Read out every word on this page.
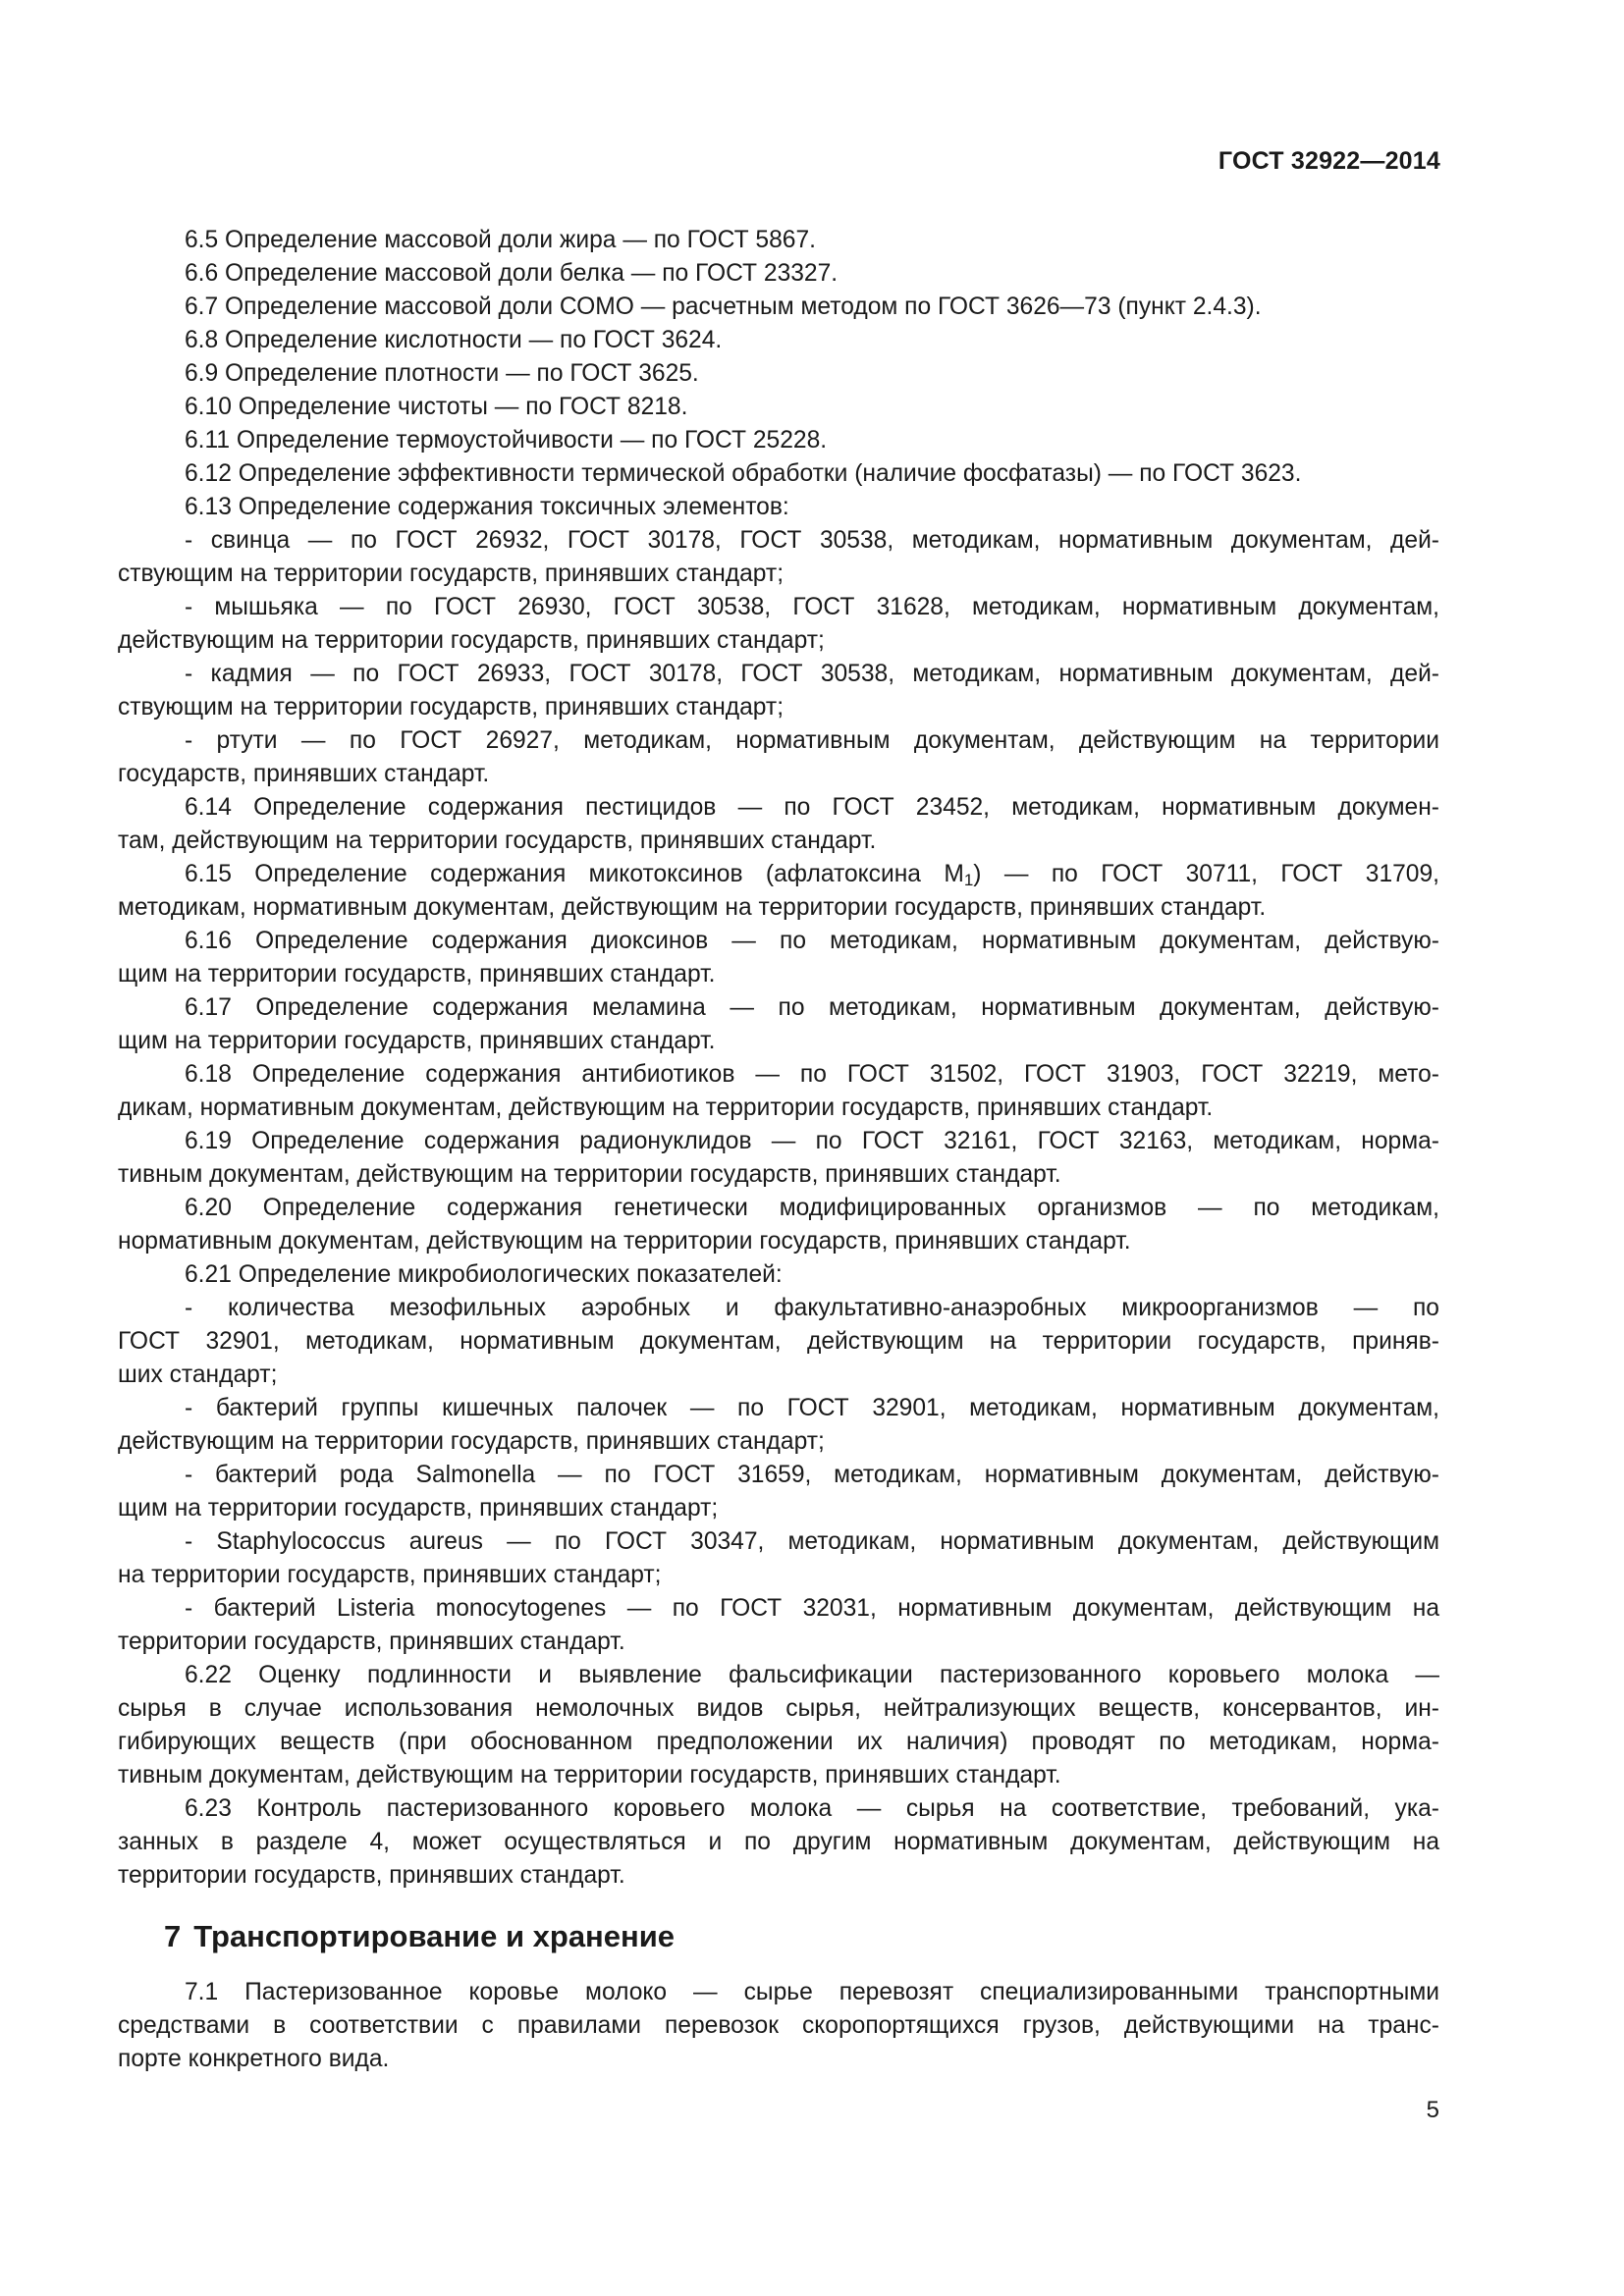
ГОСТ 32922—2014
6.5 Определение массовой доли жира — по ГОСТ 5867.
6.6 Определение массовой доли белка — по ГОСТ 23327.
6.7 Определение массовой доли СОМО — расчетным методом по ГОСТ 3626—73 (пункт 2.4.3).
6.8 Определение кислотности — по ГОСТ 3624.
6.9 Определение плотности — по ГОСТ 3625.
6.10 Определение чистоты — по ГОСТ 8218.
6.11 Определение термоустойчивости — по ГОСТ 25228.
6.12 Определение эффективности термической обработки (наличие фосфатазы) — по ГОСТ 3623.
6.13 Определение содержания токсичных элементов:
- свинца — по ГОСТ 26932, ГОСТ 30178, ГОСТ 30538, методикам, нормативным документам, дей-
ствующим на территории государств, принявших стандарт;
- мышьяка — по ГОСТ 26930, ГОСТ 30538, ГОСТ 31628, методикам, нормативным документам,
действующим на территории государств, принявших стандарт;
- кадмия — по ГОСТ 26933, ГОСТ 30178, ГОСТ 30538, методикам, нормативным документам, дей-
ствующим на территории государств, принявших стандарт;
- ртути — по ГОСТ 26927, методикам, нормативным документам, действующим на территории
государств, принявших стандарт.
6.14 Определение содержания пестицидов — по ГОСТ 23452, методикам, нормативным докумен-
там, действующим на территории государств, принявших стандарт.
6.15 Определение содержания микотоксинов (афлатоксина $М_1$) — по ГОСТ 30711, ГОСТ 31709,
методикам, нормативным документам, действующим на территории государств, принявших стандарт.
6.16 Определение содержания диоксинов — по методикам, нормативным документам, действую-
щим на территории государств, принявших стандарт.
6.17 Определение содержания меламина — по методикам, нормативным документам, действую-
щим на территории государств, принявших стандарт.
6.18 Определение содержания антибиотиков — по ГОСТ 31502, ГОСТ 31903, ГОСТ 32219, мето-
дикам, нормативным документам, действующим на территории государств, принявших стандарт.
6.19 Определение содержания радионуклидов — по ГОСТ 32161, ГОСТ 32163, методикам, норма-
тивным документам, действующим на территории государств, принявших стандарт.
6.20 Определение содержания генетически модифицированных организмов — по методикам,
нормативным документам, действующим на территории государств, принявших стандарт.
6.21 Определение микробиологических показателей:
- количества мезофильных аэробных и факультативно-анаэробных микроорганизмов — по
ГОСТ 32901, методикам, нормативным документам, действующим на территории государств, приняв-
ших стандарт;
- бактерий группы кишечных палочек — по ГОСТ 32901, методикам, нормативным документам,
действующим на территории государств, принявших стандарт;
- бактерий рода Salmonella — по ГОСТ 31659, методикам, нормативным документам, действую-
щим на территории государств, принявших стандарт;
- Staphylococcus aureus — по ГОСТ 30347, методикам, нормативным документам, действующим
на территории государств, принявших стандарт;
- бактерий Listeria monocytogenes — по ГОСТ 32031, нормативным документам, действующим на
территории государств, принявших стандарт.
6.22 Оценку подлинности и выявление фальсификации пастеризованного коровьего молока —
сырья в случае использования немолочных видов сырья, нейтрализующих веществ, консервантов, ин-
гибирующих веществ (при обоснованном предположении их наличия) проводят по методикам, норма-
тивным документам, действующим на территории государств, принявших стандарт.
6.23 Контроль пастеризованного коровьего молока — сырья на соответствие, требований, ука-
занных в разделе 4, может осуществляться и по другим нормативным документам, действующим на
территории государств, принявших стандарт.
7 Транспортирование и хранение
7.1 Пастеризованное коровье молоко — сырье перевозят специализированными транспортными
средствами в соответствии с правилами перевозок скоропортящихся грузов, действующими на транс-
порте конкретного вида.
5
